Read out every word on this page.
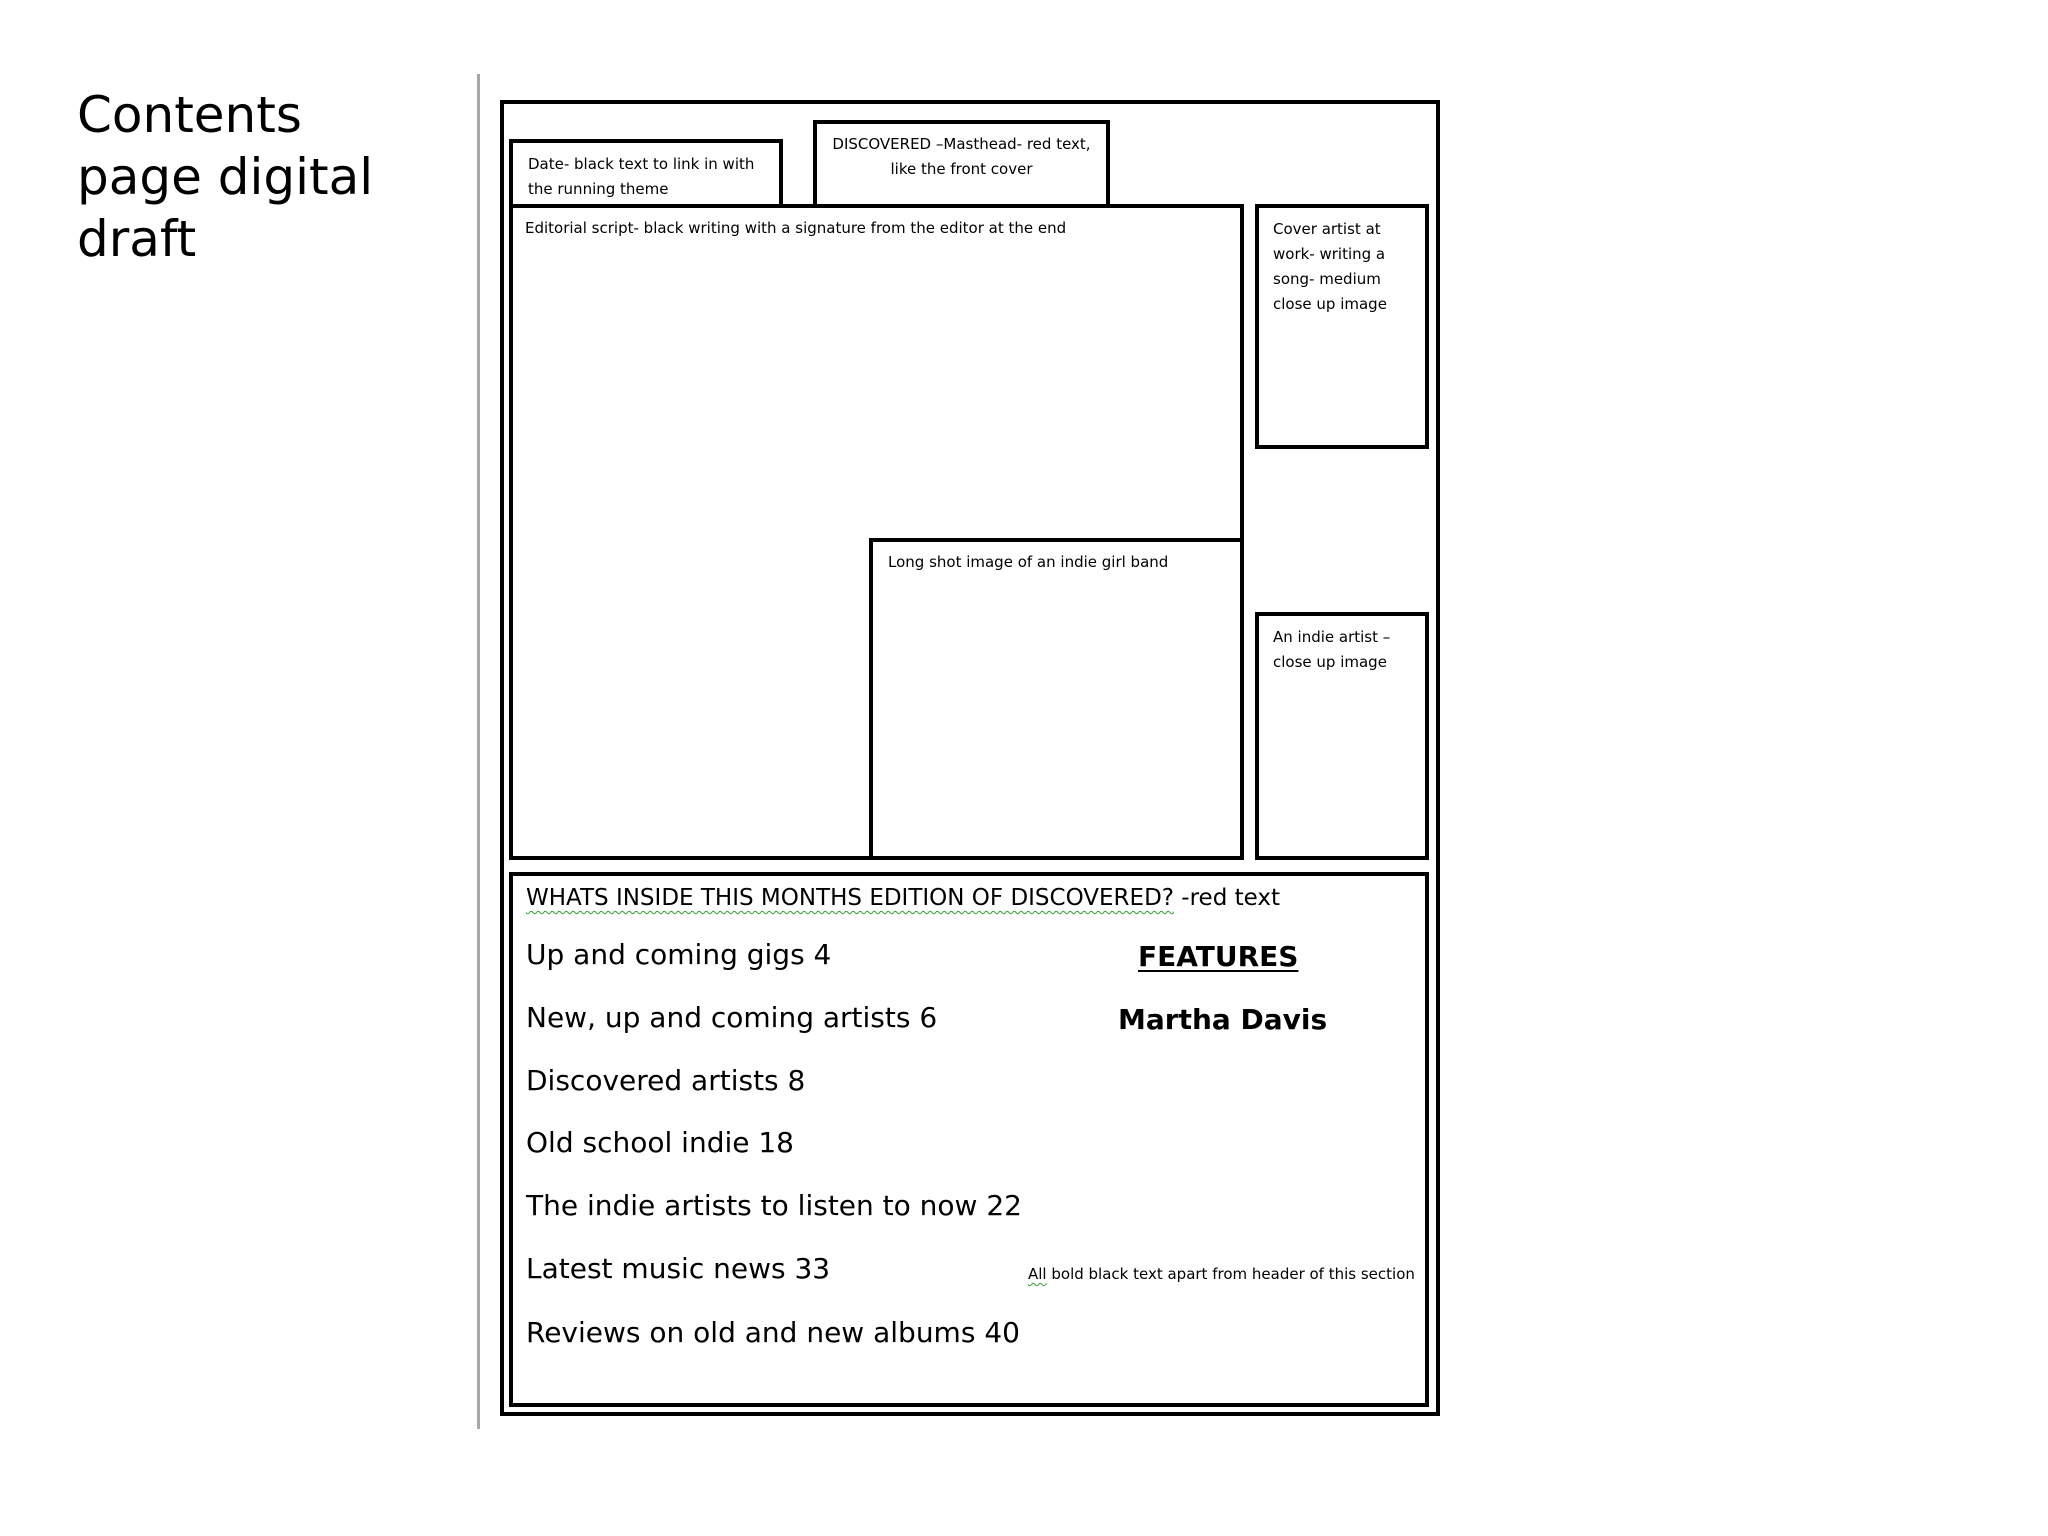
Contents
page digital
draft
Date- black text to link in with
the running theme
DISCOVERED –Masthead- red text,
like the front cover
Editorial script- black writing with a signature from the editor at the end	Cover artist at
work- writing a
song- medium
close up image
Long shot image of an indie girl band
An indie artist –
close up image
WHATS INSIDE THIS MONTHS EDITION OF DISCOVERED? -red text
Up and coming gigs 4
New, up and coming artists 6
Discovered artists 8
Old school indie 18
The indie artists to listen to now 22
Latest music news 33
Reviews on old and new albums 40
FEATURES
Martha Davis
All bold black text apart from header of this section
